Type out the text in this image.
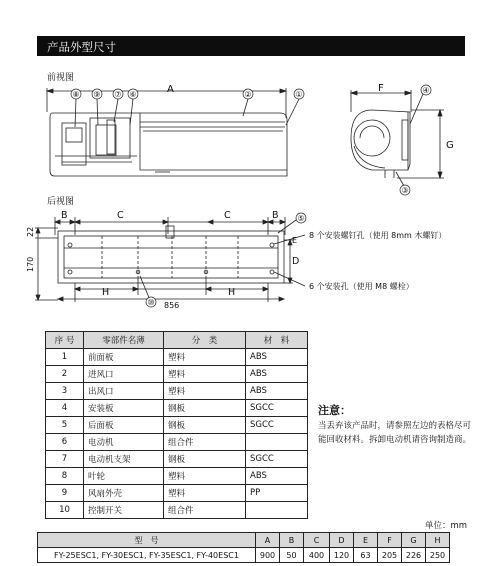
产品外型尺寸
前视图
后视图
A
⑧ ⑨ ⑦ ⑥	②	①
F
G
④
③
B	C	C	B
H	H
D
E
22
170
856
⑤
⑩
8 个安装螺钉孔（使用 8mm 木螺钉）
6 个安装孔（使用 M8 螺栓）
序 号	零部件名薄	分　类	材　料
1	前面板	塑料	ABS
2	进风口	塑料	ABS
3	出风口	塑料	ABS
4	安装板	钢板	SGCC
5	后面板	钢板	SGCC
6	电动机	组合件	
7	电动机支架	钢板	SGCC
8	叶轮	塑料	ABS
9	风扇外壳	塑料	PP
10	控制开关	组合件	
注意：
当丢弃该产品时，请参照左边的表格尽可能回收材料。拆卸电动机请咨询制造商。
单位：mm
型　号	A	B	C	D	E	F	G	H
FY-25ESC1, FY-30ESC1, FY-35ESC1, FY-40ESC1	900	50	400	120	63	205	226	250
